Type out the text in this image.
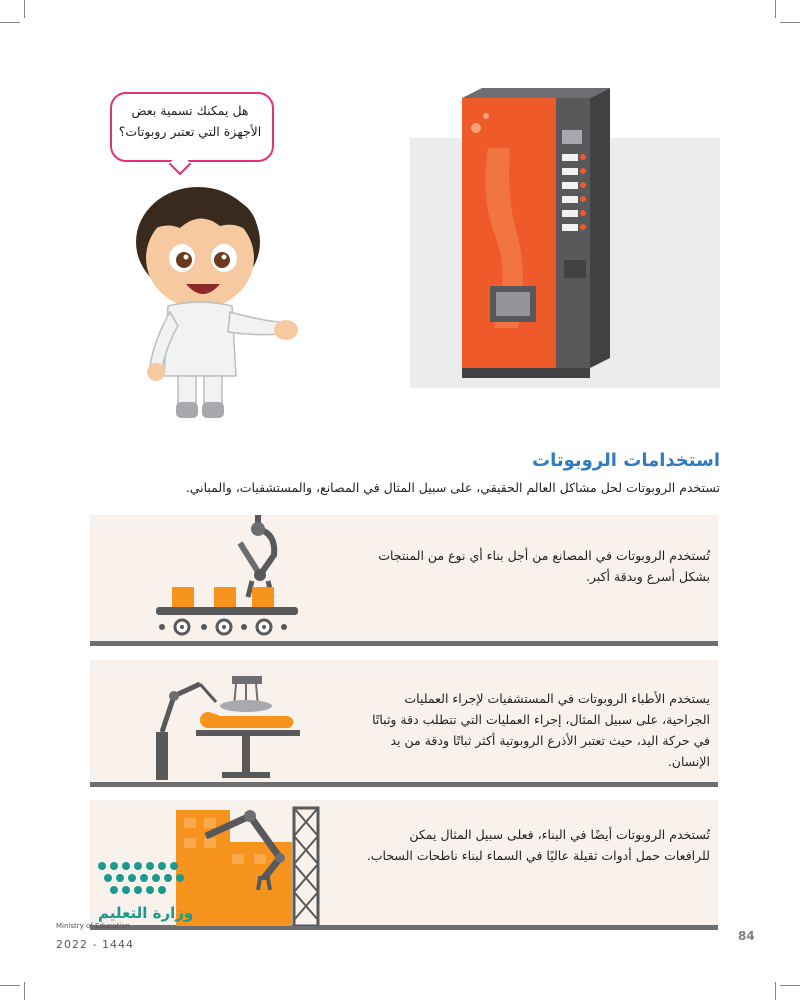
هل يمكنك تسمية بعض
الأجهزة التي تعتبر روبوتات؟
استخدامات الروبوتات
تستخدم الروبوتات لحل مشاكل العالم الحقيقي، على سبيل المثال في المصانع، والمستشفيات، والمباني.
تُستخدم الروبوتات في المصانع من أجل بناء أي نوع من المنتجات
بشكل أسرع وبدقة أكبر.
يستخدم الأطباء الروبوتات في المستشفيات لإجراء العمليات
الجراحية، على سبيل المثال، إجراء العمليات التي تتطلب دقة وثباتًا
في حركة اليد، حيث تعتبر الأذرع الروبوتية أكثر ثباتًا ودقة من يد
الإنسان.
تُستخدم الروبوتات أيضًا في البناء، فعلى سبيل المثال يمكن
للرافعات حمل أدوات ثقيلة عاليًا في السماء لبناء ناطحات السحاب.
وزارة التعليم
Ministry of Education
2022 - 1444
84
